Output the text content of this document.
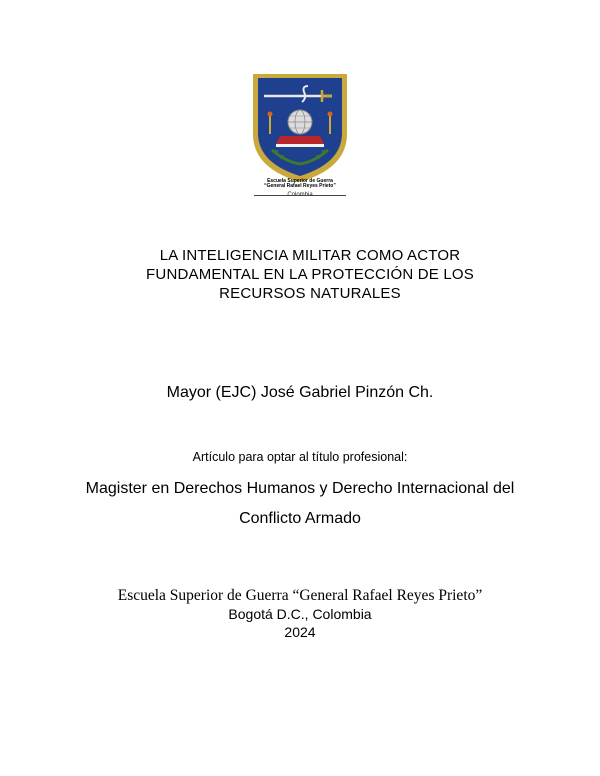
Escuela Superior de Guerra
“General Rafael Reyes Prieto”
LA INTELIGENCIA MILITAR COMO ACTOR
FUNDAMENTAL EN LA PROTECCIÓN DE LOS
RECURSOS NATURALES
Mayor (EJC) José Gabriel Pinzón Ch.
Artículo para optar al título profesional:
Magister en Derechos Humanos y Derecho Internacional del
Conflicto Armado
Escuela Superior de Guerra “General Rafael Reyes Prieto”
Bogotá D.C., Colombia
2024
